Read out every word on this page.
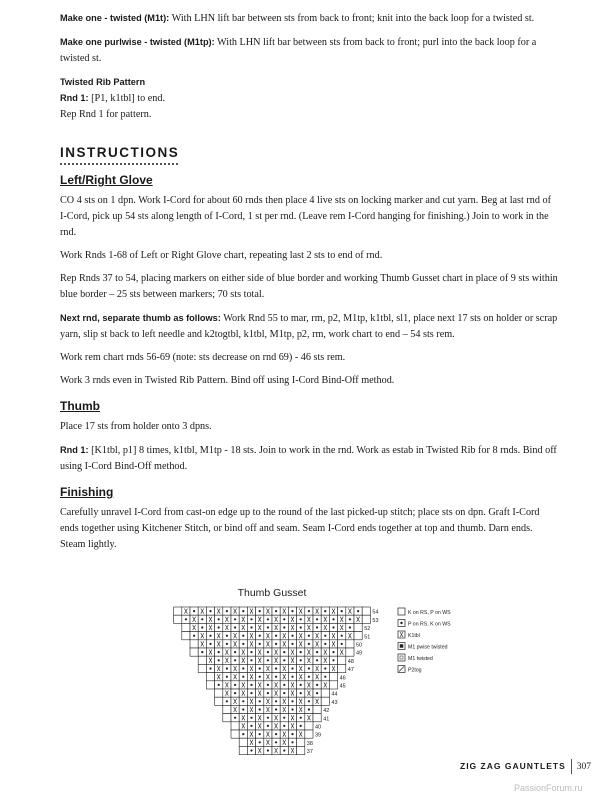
Make one - twisted (M1t): With LHN lift bar between sts from back to front; knit into the back loop for a twisted st.

Make one purlwise - twisted (M1tp): With LHN lift bar between sts from back to front; purl into the back loop for a twisted st.

Twisted Rib Pattern

Rnd 1: [P1, k1tbl] to end.

Rep Rnd 1 for pattern.

INSTRUCTIONS
Left/Right Glove

CO 4 sts on 1 dpn. Work I-Cord for about 60 rnds then place 4 live sts on locking marker and cut yarn. Beg at last rnd of I-Cord, pick up 54 sts along length of I-Cord, 1 st per rnd. (Leave rem I-Cord hanging for finishing.) Join to work in the rnd.

Work Rnds 1-68 of Left or Right Glove chart, repeating last 2 sts to end of rnd.

Rep Rnds 37 to 54, placing markers on either side of blue border and working Thumb Gusset chart in place of 9 sts within blue border – 25 sts between markers; 70 sts total.

Next rnd, separate thumb as follows: Work Rnd 55 to mar, rm, p2, M1tp, k1tbl, sl1, place next 17 sts on holder or scrap yarn, slip st back to left needle and k2togtbl, k1tbl, M1tp, p2, rm, work chart to end – 54 sts rem.

Work rem chart rnds 56-69 (note: sts decrease on rnd 69) - 46 sts rem.

Work 3 rnds even in Twisted Rib Pattern. Bind off using I-Cord Bind-Off method.

Thumb

Place 17 sts from holder onto 3 dpns.

Rnd 1: [K1tbl, p1] 8 times, k1tbl, M1tp - 18 sts. Join to work in the rnd. Work as estab in Twisted Rib for 8 rnds. Bind off using I-Cord Bind-Off method.

Finishing

Carefully unravel I-Cord from cast-on edge up to the round of the last picked-up stitch; place sts on dpn. Graft I-Cord ends together using Kitchener Stitch, or bind off and seam. Seam I-Cord ends together at top and thumb. Darn ends. Steam lightly.

Thumb Gusset
54
53
52
51
50
49
48
47
46
45
44
43
42
41
40
39
38
37
K on RS, P on WS
P on RS, K on WS
K1tbl
M1 pwise twisted
M1 twisted
P2tog
ZIG ZAG GAUNTLETS 307
PassionForum.ru
